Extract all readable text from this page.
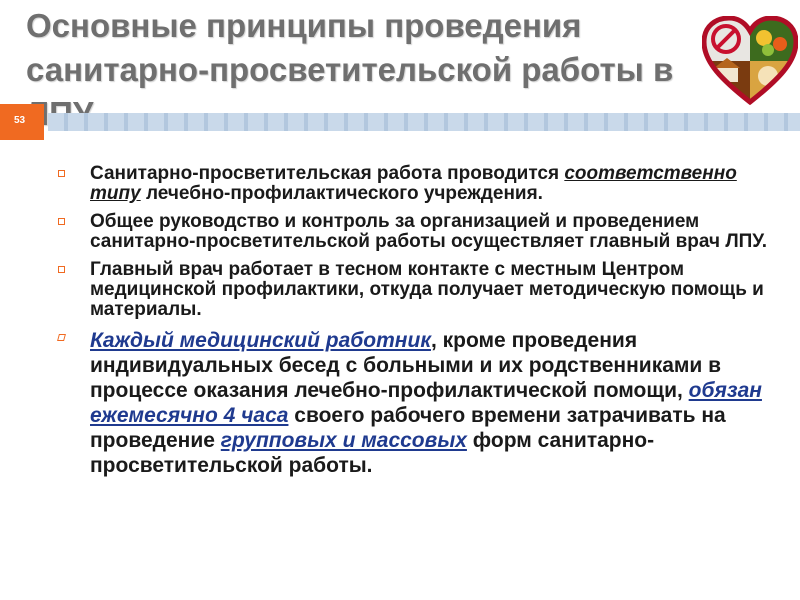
Основные принципы проведения
санитарно-просветительской работы в
53
Санитарно-просветительская работа проводится соответственно типу лечебно-профилактического учреждения.
Общее руководство и контроль за организацией и проведением санитарно-просветительской работы осуществляет главный врач ЛПУ.
Главный врач работает в тесном контакте с местным Центром медицинской профилактики, откуда получает методическую помощь и материалы.
Каждый медицинский работник, кроме проведения индивидуальных бесед с больными и их родственниками в процессе оказания лечебно-профилактической помощи, обязан ежемесячно 4 часа своего рабочего времени затрачивать на проведение групповых и массовых форм санитарно-просветительской работы.
